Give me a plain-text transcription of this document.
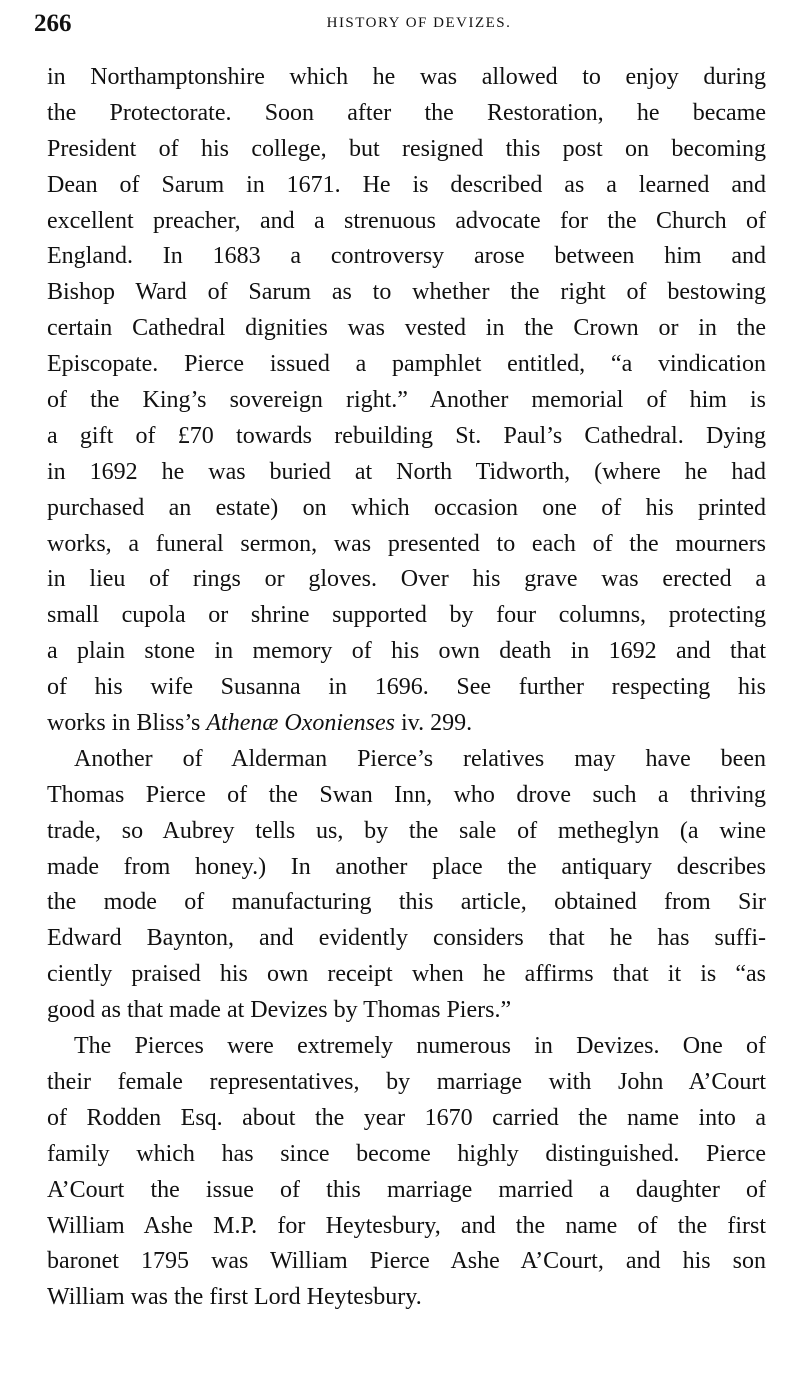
266	HISTORY OF DEVIZES.
in Northamptonshire which he was allowed to enjoy during
the Protectorate. Soon after the Restoration, he became
President of his college, but resigned this post on becoming
Dean of Sarum in 1671. He is described as a learned and
excellent preacher, and a strenuous advocate for the Church of
England. In 1683 a controversy arose between him and
Bishop Ward of Sarum as to whether the right of bestowing
certain Cathedral dignities was vested in the Crown or in the
Episcopate. Pierce issued a pamphlet entitled, “a vindication
of the King’s sovereign right.” Another memorial of him is
a gift of £70 towards rebuilding St. Paul’s Cathedral. Dying
in 1692 he was buried at North Tidworth, (where he had
purchased an estate) on which occasion one of his printed
works, a funeral sermon, was presented to each of the mourners
in lieu of rings or gloves. Over his grave was erected a
small cupola or shrine supported by four columns, protecting
a plain stone in memory of his own death in 1692 and that
of his wife Susanna in 1696. See further respecting his
works in Bliss’s Athenæ Oxonienses iv. 299.
Another of Alderman Pierce’s relatives may have been
Thomas Pierce of the Swan Inn, who drove such a thriving
trade, so Aubrey tells us, by the sale of metheglyn (a wine
made from honey.) In another place the antiquary describes
the mode of manufacturing this article, obtained from Sir
Edward Baynton, and evidently considers that he has suffi-
ciently praised his own receipt when he affirms that it is “as
good as that made at Devizes by Thomas Piers.”
The Pierces were extremely numerous in Devizes. One of
their female representatives, by marriage with John A’Court
of Rodden Esq. about the year 1670 carried the name into a
family which has since become highly distinguished. Pierce
A’Court the issue of this marriage married a daughter of
William Ashe M.P. for Heytesbury, and the name of the first
baronet 1795 was William Pierce Ashe A’Court, and his son
William was the first Lord Heytesbury.
